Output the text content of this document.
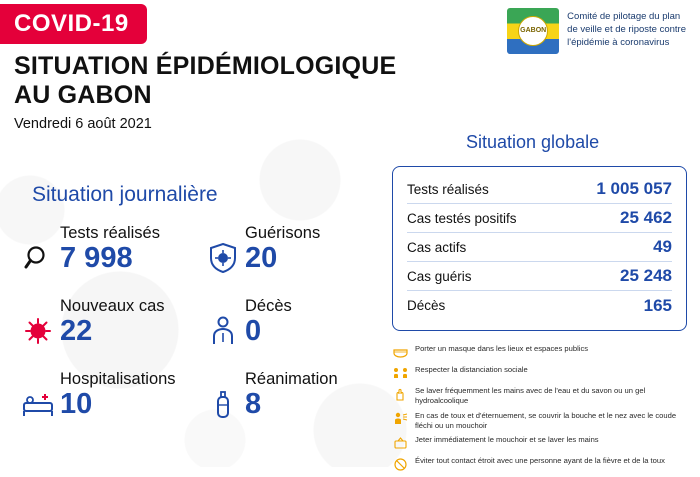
COVID-19	GABON
Comité de pilotage du plan
de veille et de riposte contre
l'épidémie à coronavirus
SITUATION ÉPIDÉMIOLOGIQUE
AU GABON
Vendredi 6 août 2021
Situation journalière
Tests réalisés
7 998
Guérisons
20
Nouveaux cas
22
Décès
0
Hospitalisations
10
Réanimation
8
Situation globale
Tests réalisés	1 005 057
Cas testés positifs	25 462
Cas actifs	49
Cas guéris	25 248
Décès	165
Porter un masque dans les lieux et espaces publics
Respecter la distanciation sociale
Se laver fréquemment les mains avec de l'eau et du savon ou un gel hydroalcoolique
En cas de toux et d'éternuement, se couvrir la bouche et le nez avec le coude fléchi ou un mouchoir
Jeter immédiatement le mouchoir et se laver les mains
Éviter tout contact étroit avec une personne ayant de la fièvre et de la toux
